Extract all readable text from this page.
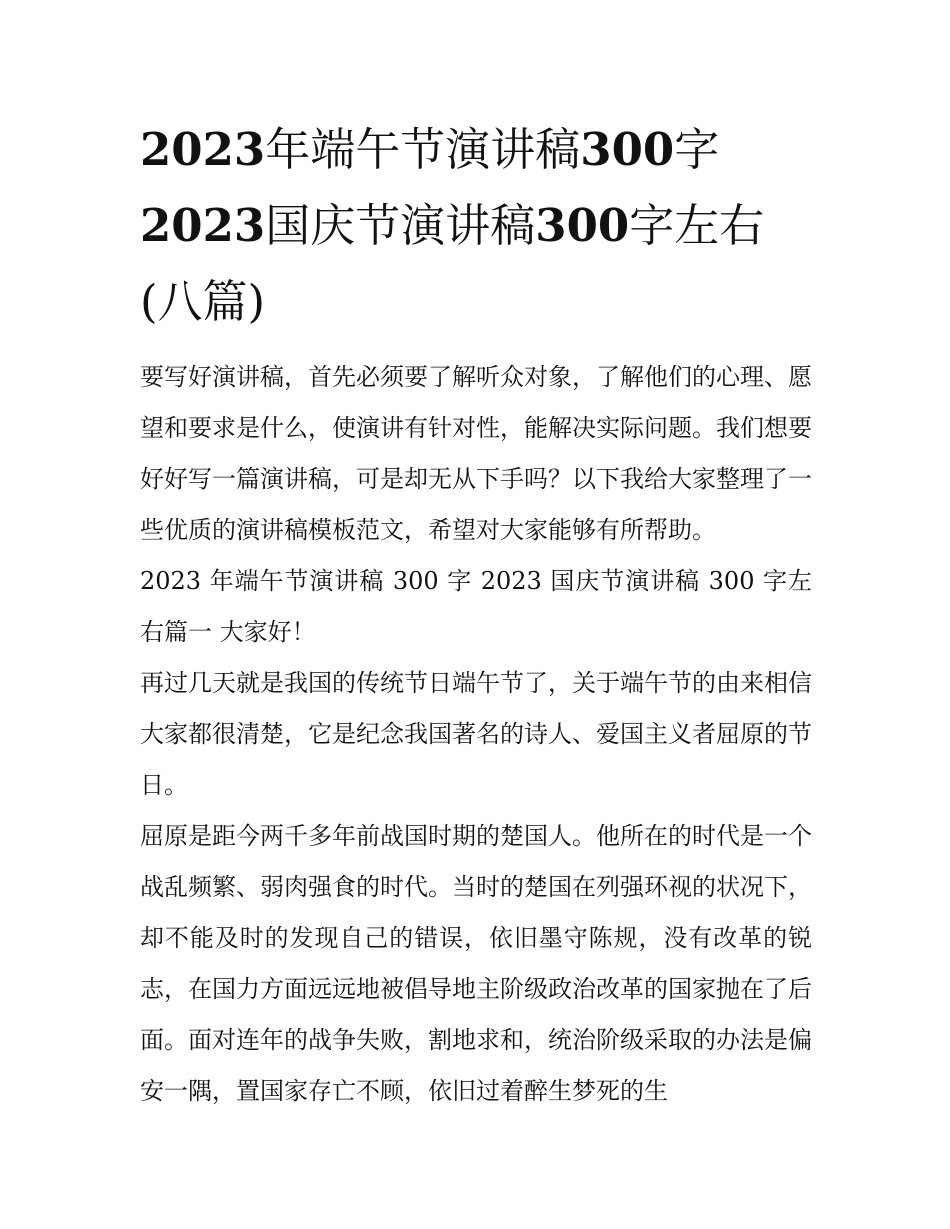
2023年端午节演讲稿300字
2023国庆节演讲稿300字左右
(八篇)

要写好演讲稿，首先必须要了解听众对象，了解他们的心理、愿望和要求是什么，使演讲有针对性，能解决实际问题。我们想要好好写一篇演讲稿，可是却无从下手吗？以下我给大家整理了一些优质的演讲稿模板范文，希望对大家能够有所帮助。

2023 年端午节演讲稿 300 字 2023 国庆节演讲稿 300 字左右篇一 大家好！

再过几天就是我国的传统节日端午节了，关于端午节的由来相信大家都很清楚，它是纪念我国著名的诗人、爱国主义者屈原的节日。

屈原是距今两千多年前战国时期的楚国人。他所在的时代是一个战乱频繁、弱肉强食的时代。当时的楚国在列强环视的状况下，却不能及时的发现自己的错误，依旧墨守陈规，没有改革的锐志，在国力方面远远地被倡导地主阶级政治改革的国家抛在了后面。面对连年的战争失败，割地求和，统治阶级采取的办法是偏安一隅，置国家存亡不顾，依旧过着醉生梦死的生
